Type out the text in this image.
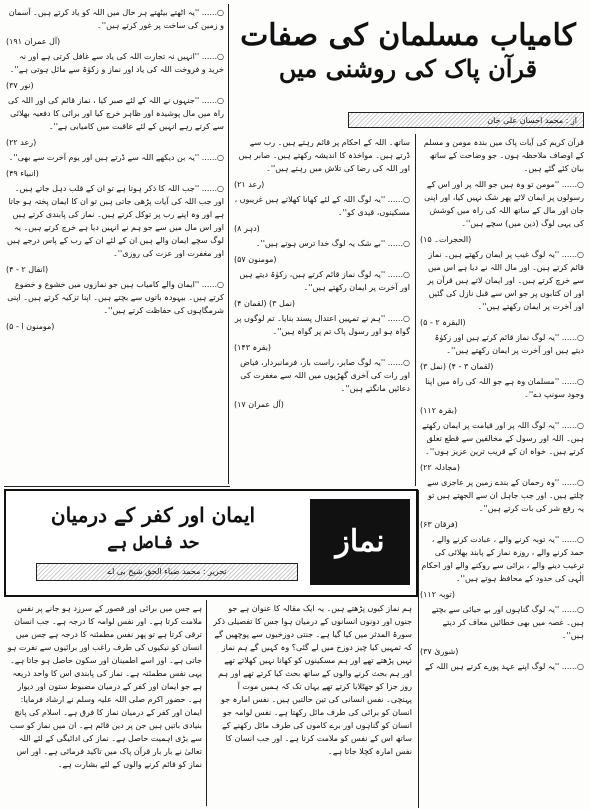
کامیاب مسلمان کی صفات
قرآن پاک کی روشنی میں
از : محمد احسان علی خان

قرآن کریم کی آیات پاک میں بندہ مومن و مسلم کے اوصاف ملاحظہ ہوں۔ جو وضاحت کے ساتھ بیان کئے گئے ہیں۔

○...... ''مومن تو وہ ہیں جو اللہ پر اور اس کے رسولوں پر ایمان لائے پھر شک نہیں کیا، اور اپنی جان اور مال کے ساتھ اللہ کی راہ میں کوشش کی یہی لوگ (دین میں) سچے ہیں''۔

(الحجرات۔ ۱۵)

○...... ''یہ لوگ غیب پر ایمان رکھتے ہیں۔ نماز قائم کرتے ہیں۔ اور مال اللہ نے دیا ہے اس میں سے خرچ کرتے ہیں۔ اور ایمان لاتے ہیں قرآن پر اور ان کتابوں پر جو اس سے قبل نازل کی گئیں اور آخرت پر ایمان رکھتے ہیں''۔

(البقرہ ۲ - ۵)

○...... ''یہ لوگ نماز قائم کرتے ہیں اور زکوٰۃ دیتے ہیں اور آخرت پر ایمان رکھتے ہیں''۔

(لقمان ۳ - ۴) (نمل ۳)

○...... ''مسلمان وہ ہے جو اللہ کی راہ میں اپنا وجود سونپ دے''۔

(بقرہ ۱۱۲)

○...... ''یہ لوگ اللہ پر اور قیامت پر ایمان رکھتے ہیں۔ اللہ اور رسول کے مخالفین سے قطع تعلق کرتے ہیں۔ خواہ ان کے قریب ترین عزیز ہوں''۔

(مجادلہ ۲۲)

○...... ''وہ رحمان کے بندے زمین پر عاجزی سے چلتے ہیں۔ اور جب جاہل ان سے الجھتے ہیں تو یہ رفع شر کی بات کرتے ہیں''۔

(فرقان ۶۳)

○...... ''یہ توبہ کرنے والے ، عبادت کرنے والے ، حمد کرنے والے ، روزہ نماز کے پابند بھلائی کی ترغیب دینے والے ، برائی سے روکنے والے اور احکام الٰہی کی حدود کے محافظ ہوتے ہیں''۔

(توبہ ۱۱۲)

○...... ''یہ لوگ گناہوں اور بے حیائی سے بچتے ہیں۔ غصہ میں بھی خطائیں معاف کر دیتے ہیں''۔

(شوریٰ ۳۷)

○...... ''یہ لوگ اپنے عہد پورے کرتے ہیں اللہ کے

ساتھ۔ اللہ کے احکام پر قائم رہتے ہیں۔ رب سے ڈرتے ہیں۔ مواخذہ کا اندیشہ رکھتے ہیں۔ صابر ہیں اور اللہ کی رضا کی تلاش میں رہتے ہیں''۔

(رعد ۲۱)

○...... ''یہ لوگ اللہ کے لئے کھانا کھلاتے ہیں غریبوں ، مسکینوں، قیدی کو''۔

(دہر ۸)

○...... ''بے شک یہ لوگ خدا ترس ہوتے ہیں''۔

(مومنون ۵۷)

○...... ''یہ لوگ نماز قائم کرتے ہیں، زکوٰۃ دیتے ہیں اور آخرت پر ایمان رکھتے ہیں''۔

(نمل ۳) (لقمان ۴)

○...... ''ہم نے تمہیں اعتدال پسند بنایا۔ تم لوگوں پر گواہ ہو اور رسول پاک تم پر گواہ ہیں''۔

(بقرہ ۱۴۳)

○...... ''یہ لوگ صابر، راست باز، فرمانبردار، فیاض اور رات کی آخری گھڑیوں میں اللہ سے مغفرت کی دعائیں مانگتے ہیں''۔

(آل عمران ۱۷)

○...... ''یہ اٹھتے بیٹھتے ہر حال میں اللہ کو یاد کرتے ہیں۔ آسمان و زمین کی ساخت پر غور کرتے ہیں''۔

(آل عمران ۱۹۱)

○...... ''انہیں نہ تجارت اللہ کی یاد سے غافل کرتی ہے اور نہ خرید و فروخت اللہ کی یاد اور نماز و زکوٰۃ سے مائل ہوتی ہے''۔

(نور ۳۷)

○...... ''جنہوں نے اللہ کے لئے صبر کیا ، نماز قائم کی اور اللہ کی راہ میں مال پوشیدہ اور ظاہر خرچ کیا اور برائی کا دفعیہ بھلائی سے کرتے رہے انہیں کے لئے عاقبت میں کامیابی ہے''۔

(رعد ۲۲)

○...... ''یہ بن دیکھے اللہ سے ڈرتے ہیں اور یوم آخرت سے بھی''۔

(انبیاء ۴۹)

○...... ''جب اللہ کا ذکر ہوتا ہے تو ان کے قلب دہل جاتے ہیں۔ اور جب اللہ کی آیات پڑھی جاتی ہیں تو ان کا ایمان پختہ ہو جاتا ہے اور وہ اپنے رب پر توکل کرتے ہیں۔ نماز کی پابندی کرتے ہیں اور اس مال میں سے جو ہم نے انہیں دیا ہے خرچ کرتے ہیں۔ یہ لوگ سچے ایمان والے ہیں ان کے لئے ان کے رب کے پاس درجے ہیں اور مغفرت اور عزت کی روزی''۔

(انفال ۲ - ۴)

○...... ''ایمان والے کامیاب ہیں جو نمازوں میں خشوع و خضوع کرتے ہیں۔ بیہودہ باتوں سے بچتے ہیں۔ اپنا تزکیہ کرتے ہیں۔ اپنی شرمگاہوں کی حفاظت کرتے ہیں''۔

(مومنون ا - ۵)
نماز
ایمان اور کفر کے درمیان
حد فاصل ہے
تحریر : محمد ضیاء الحق شیخ بی اے

ہم نماز کیوں پڑھتے ہیں۔ یہ ایک مقالہ کا عنوان ہے جو جنوں اور دونوں انسانوں کے درمیان ہوا جس کا تفصیلی ذکر سورۃ المدثر میں کیا گیا ہے۔ جنتی دوزخیوں سے پوچھیں گے کہ تمہیں کیا چیز دوزخ میں لے گئی؟ وہ کہیں گے ہم نماز نہیں پڑھتے تھے اور ہم مسکینوں کو کھانا نہیں کھلاتے تھے اور ہم بحث کرنے والوں کے ساتھ بحث کیا کرتے تھے اور ہم روز جزا کو جھٹلایا کرتے تھے یہاں تک کہ ہمیں موت آ پہنچی۔ نفس انسانی کی تین حالتیں ہیں۔ نفس امارہ جو انسان کو برائی کی طرف مائل رکھتا ہے۔ نفس لوامہ جو انسان کو گناہوں اور برے کاموں کی طرف مائل رکھنے کے ساتھ اس کے نفس کو ملامت کرتا ہے۔ اور جب انسان کا نفس امارہ کچلا جاتا ہے۔

ہے جس میں برائی اور قصور کے سرزد ہو جانے پر نفس ملامت کرتا ہے۔ اور نفس لوامہ کا درجہ ہے۔ جب انسان ترقی کرتا ہے تو پھر نفس مطمئنہ کا درجہ ہے جس میں انسان کو نیکیوں کی طرف راغب اور برائیوں سے نفرت ہو جاتی ہے۔ اور اسے اطمینان اور سکون حاصل ہو جاتا ہے۔ یہی نفس مطمئنہ ہے۔ نماز کی پابندی اس کا واحد ذریعہ ہے جو ایمان اور کفر کے درمیان مضبوط ستون اور دیوار ہے۔ حضور اکرم صلی اللہ علیہ وسلم نے ارشاد فرمایا: ایمان اور کفر کے درمیان نماز کا فرق ہے۔ اسلام کی پانچ بنیادی باتیں ہیں جن پر دین قائم ہے۔ ان میں نماز کو سب سے بڑی اہمیت حاصل ہے۔ نماز کی ادائیگی کے لئے اللہ تعالیٰ نے بار بار قرآن پاک میں تاکید فرمائی ہے۔ اور اس نماز کو قائم کرنے والوں کے لئے بشارت ہے۔
